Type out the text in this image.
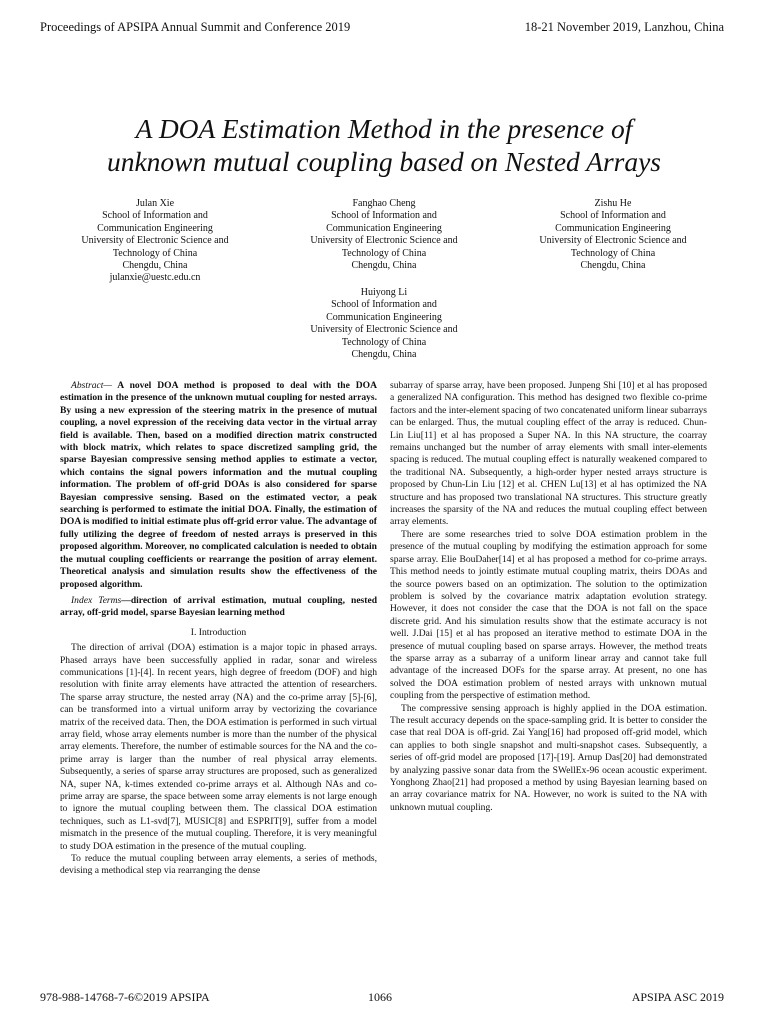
Proceedings of APSIPA Annual Summit and Conference 2019	18-21 November 2019, Lanzhou, China
A DOA Estimation Method in the presence of
unknown mutual coupling based on Nested Arrays
Julan Xie
School of Information and
Communication Engineering
University of Electronic Science and
Technology of China
Chengdu, China
julanxie@uestc.edu.cn
Fanghao Cheng
School of Information and
Communication Engineering
University of Electronic Science and
Technology of China
Chengdu, China
Zishu He
School of Information and
Communication Engineering
University of Electronic Science and
Technology of China
Chengdu, China
Huiyong Li
School of Information and
Communication Engineering
University of Electronic Science and
Technology of China
Chengdu, China

Abstract— A novel DOA method is proposed to deal with the DOA estimation in the presence of the unknown mutual coupling for nested arrays. By using a new expression of the steering matrix in the presence of mutual coupling, a novel expression of the receiving data vector in the virtual array field is available. Then, based on a modified direction matrix constructed with block matrix, which relates to space discretized sampling grid, the sparse Bayesian compressive sensing method applies to estimate a vector, which contains the signal powers information and the mutual coupling information. The problem of off-grid DOAs is also considered for sparse Bayesian compressive sensing. Based on the estimated vector, a peak searching is performed to estimate the initial DOA. Finally, the estimation of DOA is modified to initial estimate plus off-grid error value. The advantage of fully utilizing the degree of freedom of nested arrays is preserved in this proposed algorithm. Moreover, no complicated calculation is needed to obtain the mutual coupling coefficients or rearrange the position of array element. Theoretical analysis and simulation results show the effectiveness of the proposed algorithm.

Index Terms—direction of arrival estimation, mutual coupling, nested array, off-grid model, sparse Bayesian learning method

I. Introduction

The direction of arrival (DOA) estimation is a major topic in phased arrays. Phased arrays have been successfully applied in radar, sonar and wireless communications [1]-[4]. In recent years, high degree of freedom (DOF) and high resolution with finite array elements have attracted the attention of researchers. The sparse array structure, the nested array (NA) and the co-prime array [5]-[6], can be transformed into a virtual uniform array by vectorizing the covariance matrix of the received data. Then, the DOA estimation is performed in such virtual array field, whose array elements number is more than the number of the physical array elements. Therefore, the number of estimable sources for the NA and the co-prime array is larger than the number of real physical array elements. Subsequently, a series of sparse array structures are proposed, such as generalized NA, super NA, k-times extended co-prime arrays et al. Although NAs and co-prime array are sparse, the space between some array elements is not large enough to ignore the mutual coupling between them. The classical DOA estimation techniques, such as L1-svd[7], MUSIC[8] and ESPRIT[9], suffer from a model mismatch in the presence of the mutual coupling. Therefore, it is very meaningful to study DOA estimation in the presence of the mutual coupling.

To reduce the mutual coupling between array elements, a series of methods, devising a methodical step via rearranging the dense

subarray of sparse array, have been proposed. Junpeng Shi [10] et al has proposed a generalized NA configuration. This method has designed two flexible co-prime factors and the inter-element spacing of two concatenated uniform linear subarrays can be enlarged. Thus, the mutual coupling effect of the array is reduced. Chun-Lin Liu[11] et al has proposed a Super NA. In this NA structure, the coarray remains unchanged but the number of array elements with small inter-elements spacing is reduced. The mutual coupling effect is naturally weakened compared to the traditional NA. Subsequently, a high-order hyper nested arrays structure is proposed by Chun-Lin Liu [12] et al. CHEN Lu[13] et al has optimized the NA structure and has proposed two translational NA structures. This structure greatly increases the sparsity of the NA and reduces the mutual coupling effect between array elements.

There are some researches tried to solve DOA estimation problem in the presence of the mutual coupling by modifying the estimation approach for some sparse array. Elie BouDaher[14] et al has proposed a method for co-prime arrays. This method needs to jointly estimate mutual coupling matrix, theirs DOAs and the source powers based on an optimization. The solution to the optimization problem is solved by the covariance matrix adaptation evolution strategy. However, it does not consider the case that the DOA is not fall on the space discrete grid. And his simulation results show that the estimate accuracy is not well. J.Dai [15] et al has proposed an iterative method to estimate DOA in the presence of mutual coupling based on sparse arrays. However, the method treats the sparse array as a subarray of a uniform linear array and cannot take full advantage of the increased DOFs for the sparse array. At present, no one has solved the DOA estimation problem of nested arrays with unknown mutual coupling from the perspective of estimation method.

The compressive sensing approach is highly applied in the DOA estimation. The result accuracy depends on the space-sampling grid. It is better to consider the case that real DOA is off-grid. Zai Yang[16] had proposed off-grid model, which can applies to both single snapshot and multi-snapshot cases. Subsequently, a series of off-grid model are proposed [17]-[19]. Arnup Das[20] had demonstrated by analyzing passive sonar data from the SWellEx-96 ocean acoustic experiment. Yonghong Zhao[21] had proposed a method by using Bayesian learning based on an array covariance matrix for NA. However, no work is suited to the NA with unknown mutual coupling.

978-988-14768-7-6©2019 APSIPA	1066	APSIPA ASC 2019
